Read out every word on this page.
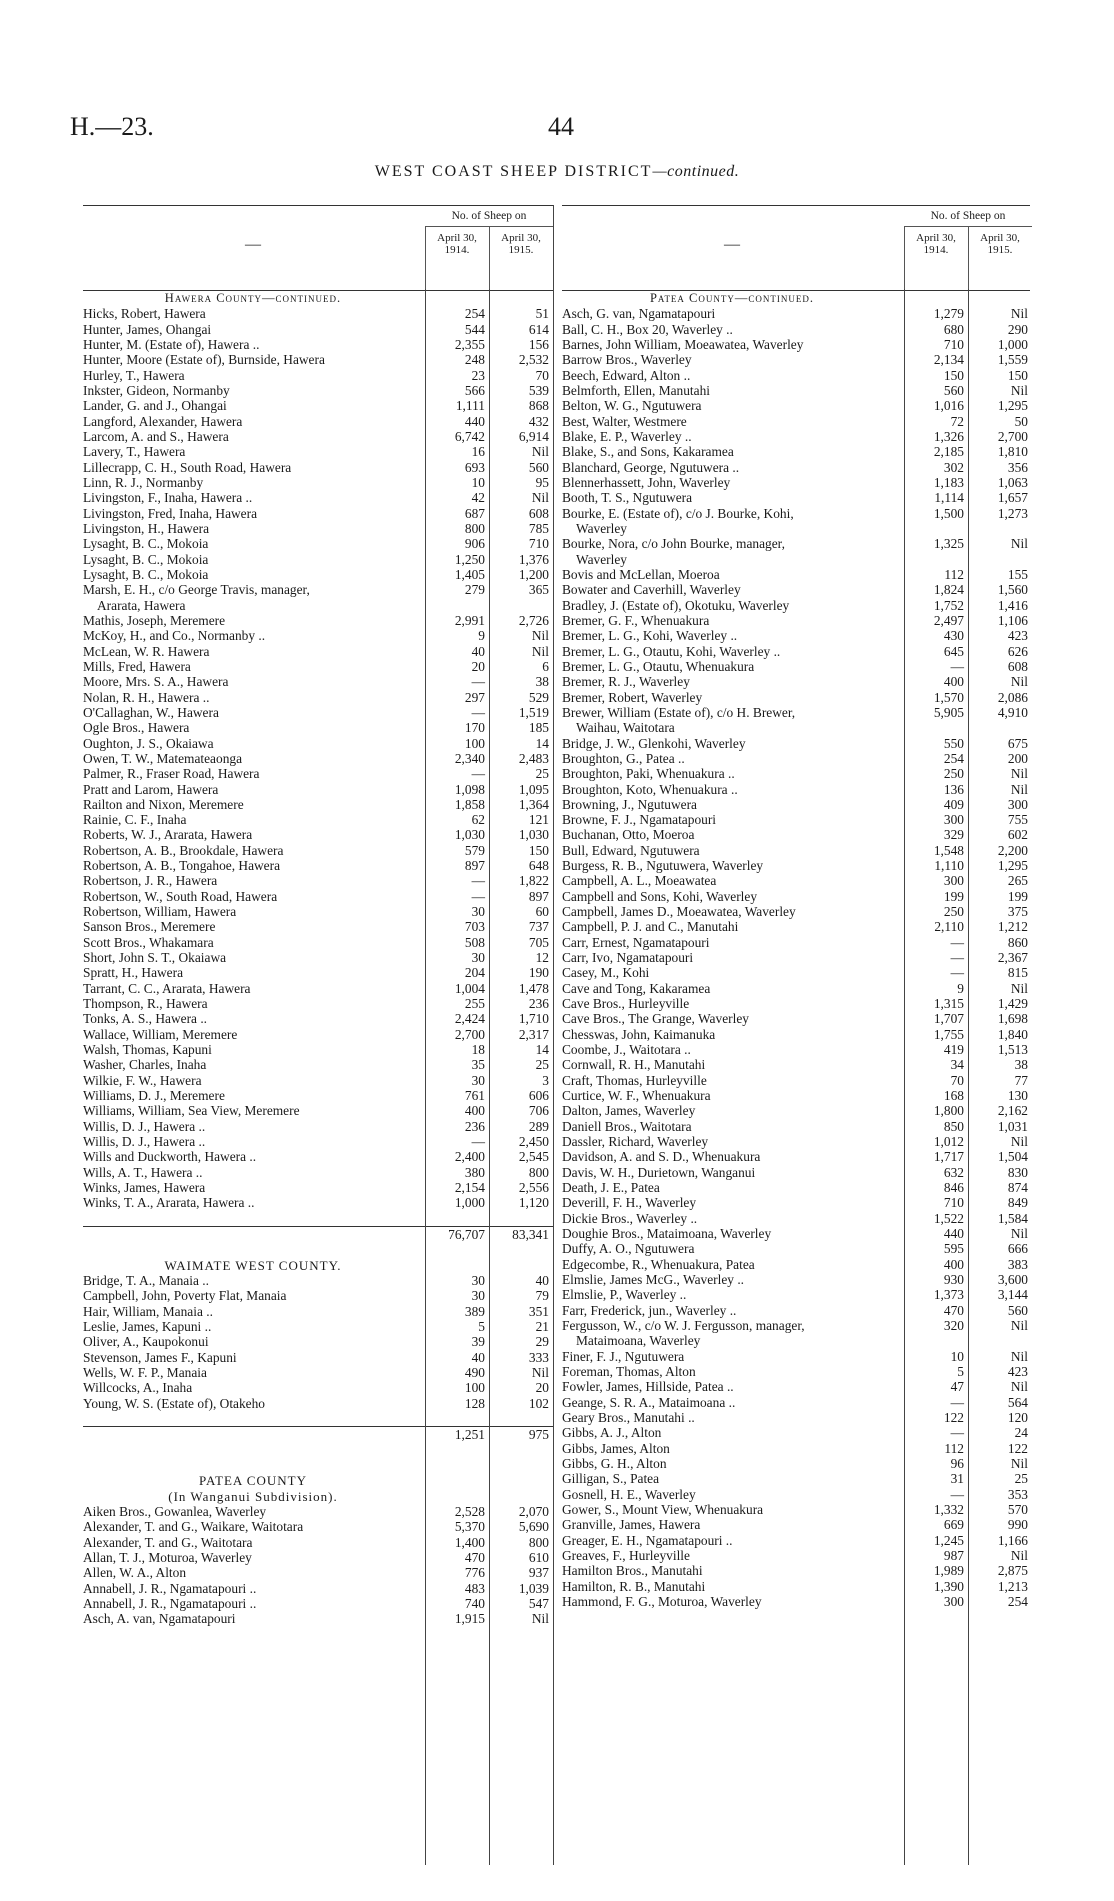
H.—23.	44
WEST COAST SHEEP DISTRICT—continued.
—
No. of Sheep on
April 30, 1914.
April 30, 1915.
Hawera County—continued.
Hicks, Robert, Hawera	254	51
Hunter, James, Ohangai	544	614
Hunter, M. (Estate of), Hawera ..	2,355	156
Hunter, Moore (Estate of), Burnside, Hawera	248	2,532
Hurley, T., Hawera	23	70
Inkster, Gideon, Normanby	566	539
Lander, G. and J., Ohangai	1,111	868
Langford, Alexander, Hawera	440	432
Larcom, A. and S., Hawera	6,742	6,914
Lavery, T., Hawera	16	Nil
Lillecrapp, C. H., South Road, Hawera	693	560
Linn, R. J., Normanby	10	95
Livingston, F., Inaha, Hawera ..	42	Nil
Livingston, Fred, Inaha, Hawera	687	608
Livingston, H., Hawera	800	785
Lysaght, B. C., Mokoia	906	710
Lysaght, B. C., Mokoia	1,250	1,376
Lysaght, B. C., Mokoia	1,405	1,200
Marsh, E. H., c/o George Travis, manager,	279	365
Ararata, Hawera
Mathis, Joseph, Meremere	2,991	2,726
McKoy, H., and Co., Normanby ..	9	Nil
McLean, W. R. Hawera	40	Nil
Mills, Fred, Hawera	20	6
Moore, Mrs. S. A., Hawera	—	38
Nolan, R. H., Hawera ..	297	529
O'Callaghan, W., Hawera	—	1,519
Ogle Bros., Hawera	170	185
Oughton, J. S., Okaiawa	100	14
Owen, T. W., Matemateaonga	2,340	2,483
Palmer, R., Fraser Road, Hawera	—	25
Pratt and Larom, Hawera	1,098	1,095
Railton and Nixon, Meremere	1,858	1,364
Rainie, C. F., Inaha	62	121
Roberts, W. J., Ararata, Hawera	1,030	1,030
Robertson, A. B., Brookdale, Hawera	579	150
Robertson, A. B., Tongahoe, Hawera	897	648
Robertson, J. R., Hawera	—	1,822
Robertson, W., South Road, Hawera	—	897
Robertson, William, Hawera	30	60
Sanson Bros., Meremere	703	737
Scott Bros., Whakamara	508	705
Short, John S. T., Okaiawa	30	12
Spratt, H., Hawera	204	190
Tarrant, C. C., Ararata, Hawera	1,004	1,478
Thompson, R., Hawera	255	236
Tonks, A. S., Hawera ..	2,424	1,710
Wallace, William, Meremere	2,700	2,317
Walsh, Thomas, Kapuni	18	14
Washer, Charles, Inaha	35	25
Wilkie, F. W., Hawera	30	3
Williams, D. J., Meremere	761	606
Williams, William, Sea View, Meremere	400	706
Willis, D. J., Hawera ..	236	289
Willis, D. J., Hawera ..	—	2,450
Wills and Duckworth, Hawera ..	2,400	2,545
Wills, A. T., Hawera ..	380	800
Winks, James, Hawera	2,154	2,556
Winks, T. A., Ararata, Hawera ..	1,000	1,120
76,707	83,341
WAIMATE WEST COUNTY.
Bridge, T. A., Manaia ..	30	40
Campbell, John, Poverty Flat, Manaia	30	79
Hair, William, Manaia ..	389	351
Leslie, James, Kapuni ..	5	21
Oliver, A., Kaupokonui	39	29
Stevenson, James F., Kapuni	40	333
Wells, W. F. P., Manaia	490	Nil
Willcocks, A., Inaha	100	20
Young, W. S. (Estate of), Otakeho	128	102
1,251	975
PATEA COUNTY
(In Wanganui Subdivision).
Aiken Bros., Gowanlea, Waverley	2,528	2,070
Alexander, T. and G., Waikare, Waitotara	5,370	5,690
Alexander, T. and G., Waitotara	1,400	800
Allan, T. J., Moturoa, Waverley	470	610
Allen, W. A., Alton	776	937
Annabell, J. R., Ngamatapouri ..	483	1,039
Annabell, J. R., Ngamatapouri ..	740	547
Asch, A. van, Ngamatapouri	1,915	Nil
—
No. of Sheep on
April 30, 1914.
April 30, 1915.
Patea County—continued.
Asch, G. van, Ngamatapouri	1,279	Nil
Ball, C. H., Box 20, Waverley ..	680	290
Barnes, John William, Moeawatea, Waverley	710	1,000
Barrow Bros., Waverley	2,134	1,559
Beech, Edward, Alton ..	150	150
Belmforth, Ellen, Manutahi	560	Nil
Belton, W. G., Ngutuwera	1,016	1,295
Best, Walter, Westmere	72	50
Blake, E. P., Waverley ..	1,326	2,700
Blake, S., and Sons, Kakaramea	2,185	1,810
Blanchard, George, Ngutuwera ..	302	356
Blennerhassett, John, Waverley	1,183	1,063
Booth, T. S., Ngutuwera	1,114	1,657
Bourke, E. (Estate of), c/o J. Bourke, Kohi,	1,500	1,273
Waverley
Bourke, Nora, c/o John Bourke, manager,	1,325	Nil
Waverley
Bovis and McLellan, Moeroa	112	155
Bowater and Caverhill, Waverley	1,824	1,560
Bradley, J. (Estate of), Okotuku, Waverley	1,752	1,416
Bremer, G. F., Whenuakura	2,497	1,106
Bremer, L. G., Kohi, Waverley ..	430	423
Bremer, L. G., Otautu, Kohi, Waverley ..	645	626
Bremer, L. G., Otautu, Whenuakura	—	608
Bremer, R. J., Waverley	400	Nil
Bremer, Robert, Waverley	1,570	2,086
Brewer, William (Estate of), c/o H. Brewer,	5,905	4,910
Waihau, Waitotara
Bridge, J. W., Glenkohi, Waverley	550	675
Broughton, G., Patea ..	254	200
Broughton, Paki, Whenuakura ..	250	Nil
Broughton, Koto, Whenuakura ..	136	Nil
Browning, J., Ngutuwera	409	300
Browne, F. J., Ngamatapouri	300	755
Buchanan, Otto, Moeroa	329	602
Bull, Edward, Ngutuwera	1,548	2,200
Burgess, R. B., Ngutuwera, Waverley	1,110	1,295
Campbell, A. L., Moeawatea	300	265
Campbell and Sons, Kohi, Waverley	199	199
Campbell, James D., Moeawatea, Waverley	250	375
Campbell, P. J. and C., Manutahi	2,110	1,212
Carr, Ernest, Ngamatapouri	—	860
Carr, Ivo, Ngamatapouri	—	2,367
Casey, M., Kohi	—	815
Cave and Tong, Kakaramea	9	Nil
Cave Bros., Hurleyville	1,315	1,429
Cave Bros., The Grange, Waverley	1,707	1,698
Chesswas, John, Kaimanuka	1,755	1,840
Coombe, J., Waitotara ..	419	1,513
Cornwall, R. H., Manutahi	34	38
Craft, Thomas, Hurleyville	70	77
Curtice, W. F., Whenuakura	168	130
Dalton, James, Waverley	1,800	2,162
Daniell Bros., Waitotara	850	1,031
Dassler, Richard, Waverley	1,012	Nil
Davidson, A. and S. D., Whenuakura	1,717	1,504
Davis, W. H., Durietown, Wanganui	632	830
Death, J. E., Patea	846	874
Deverill, F. H., Waverley	710	849
Dickie Bros., Waverley ..	1,522	1,584
Doughie Bros., Mataimoana, Waverley	440	Nil
Duffy, A. O., Ngutuwera	595	666
Edgecombe, R., Whenuakura, Patea	400	383
Elmslie, James McG., Waverley ..	930	3,600
Elmslie, P., Waverley ..	1,373	3,144
Farr, Frederick, jun., Waverley ..	470	560
Fergusson, W., c/o W. J. Fergusson, manager,	320	Nil
Mataimoana, Waverley
Finer, F. J., Ngutuwera	10	Nil
Foreman, Thomas, Alton	5	423
Fowler, James, Hillside, Patea ..	47	Nil
Geange, S. R. A., Mataimoana ..	—	564
Geary Bros., Manutahi ..	122	120
Gibbs, A. J., Alton	—	24
Gibbs, James, Alton	112	122
Gibbs, G. H., Alton	96	Nil
Gilligan, S., Patea	31	25
Gosnell, H. E., Waverley	—	353
Gower, S., Mount View, Whenuakura	1,332	570
Granville, James, Hawera	669	990
Greager, E. H., Ngamatapouri ..	1,245	1,166
Greaves, F., Hurleyville	987	Nil
Hamilton Bros., Manutahi	1,989	2,875
Hamilton, R. B., Manutahi	1,390	1,213
Hammond, F. G., Moturoa, Waverley	300	254
